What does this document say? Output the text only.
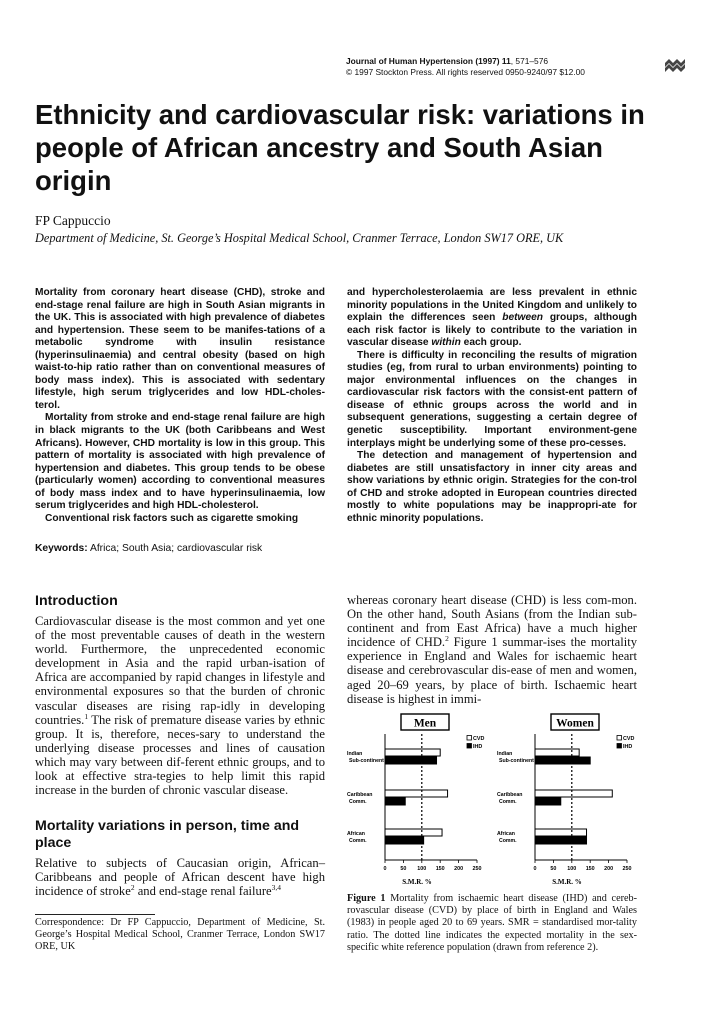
Journal of Human Hypertension (1997) 11, 571–576
© 1997 Stockton Press. All rights reserved 0950-9240/97 $12.00
Ethnicity and cardiovascular risk: variations in people of African ancestry and South Asian origin
FP Cappuccio
Department of Medicine, St. George’s Hospital Medical School, Cranmer Terrace, London SW17 ORE, UK

Mortality from coronary heart disease (CHD), stroke and end-stage renal failure are high in South Asian migrants in the UK. This is associated with high prevalence of diabetes and hypertension. These seem to be manifes-tations of a metabolic syndrome with insulin resistance (hyperinsulinaemia) and central obesity (based on high waist-to-hip ratio rather than on conventional measures of body mass index). This is associated with sedentary lifestyle, high serum triglycerides and low HDL-choles-terol.

Mortality from stroke and end-stage renal failure are high in black migrants to the UK (both Caribbeans and West Africans). However, CHD mortality is low in this group. This pattern of mortality is associated with high prevalence of hypertension and diabetes. This group tends to be obese (particularly women) according to conventional measures of body mass index and to have hyperinsulinaemia, low serum triglycerides and high HDL-cholesterol.

Conventional risk factors such as cigarette smoking

and hypercholesterolaemia are less prevalent in ethnic minority populations in the United Kingdom and unlikely to explain the differences seen between groups, although each risk factor is likely to contribute to the variation in vascular disease within each group.

There is difficulty in reconciling the results of migration studies (eg, from rural to urban environments) pointing to major environmental influences on the changes in cardiovascular risk factors with the consist-ent pattern of disease of ethnic groups across the world and in subsequent generations, suggesting a certain degree of genetic susceptibility. Important environment-gene interplays might be underlying some of these pro-cesses.

The detection and management of hypertension and diabetes are still unsatisfactory in inner city areas and show variations by ethnic origin. Strategies for the con-trol of CHD and stroke adopted in European countries directed mostly to white populations may be inappropri-ate for ethnic minority populations.

Keywords: Africa; South Asia; cardiovascular risk
Introduction

Cardiovascular disease is the most common and yet one of the most preventable causes of death in the western world. Furthermore, the unprecedented economic development in Asia and the rapid urban-isation of Africa are accompanied by rapid changes in lifestyle and environmental exposures so that the burden of chronic vascular diseases are rising rap-idly in developing countries.$^1$ The risk of premature disease varies by ethnic group. It is, therefore, neces-sary to understand the underlying disease processes and lines of causation which may vary between dif-ferent ethnic groups, and to look at effective stra-tegies to help limit this rapid increase in the burden of chronic vascular disease.

Mortality variations in person, time and place

Relative to subjects of Caucasian origin, African–Caribbeans and people of African descent have high incidence of stroke$^2$ and end-stage renal failure$^{3,4}$

whereas coronary heart disease (CHD) is less com-mon. On the other hand, South Asians (from the Indian sub-continent and from East Africa) have a much higher incidence of CHD.$^2$ Figure 1 summar-ises the mortality experience in England and Wales for ischaemic heart disease and cerebrovascular dis-ease of men and women, aged 20–69 years, by place of birth. Ischaemic heart disease is highest in immi-

Correspondence: Dr FP Cappuccio, Department of Medicine, St. George’s Hospital Medical School, Cranmer Terrace, London SW17 ORE, UK
Men
CVD
IHD
Indian
Sub-continent
Caribbean
Comm.
African
Comm.
0	50 100 150 200 250
S.M.R. %
Women
CVD
IHD
Indian
Sub-continent
Caribbean
Comm.
African
Comm.
0	50 100 150 200 250
S.M.R. %
Figure 1 Mortality from ischaemic heart disease (IHD) and cereb-rovascular disease (CVD) by place of birth in England and Wales (1983) in people aged 20 to 69 years. SMR = standardised mor-tality ratio. The dotted line indicates the expected mortality in the sex-specific white reference population (drawn from reference 2).
